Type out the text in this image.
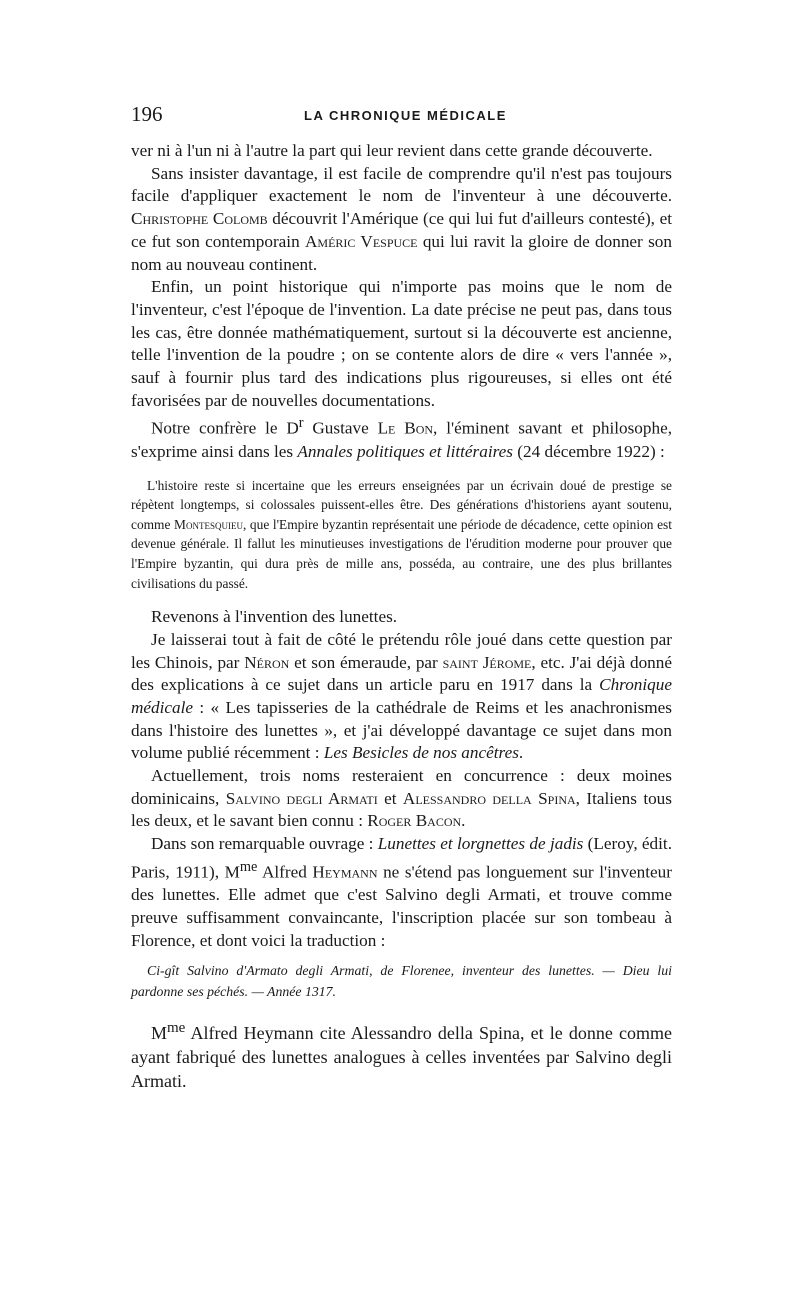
196	LA CHRONIQUE MÉDICALE

ver ni à l'un ni à l'autre la part qui leur revient dans cette grande découverte.

Sans insister davantage, il est facile de comprendre qu'il n'est pas toujours facile d'appliquer exactement le nom de l'inventeur à une découverte. Christophe Colomb découvrit l'Amérique (ce qui lui fut d'ailleurs contesté), et ce fut son contemporain Améric Vespuce qui lui ravit la gloire de donner son nom au nouveau continent.

Enfin, un point historique qui n'importe pas moins que le nom de l'inventeur, c'est l'époque de l'invention. La date précise ne peut pas, dans tous les cas, être donnée mathématiquement, surtout si la découverte est ancienne, telle l'invention de la poudre ; on se contente alors de dire « vers l'année », sauf à fournir plus tard des indications plus rigoureuses, si elles ont été favorisées par de nouvelles documentations.

Notre confrère le $D^r$ Gustave Le Bon, l'éminent savant et philosophe, s'exprime ainsi dans les Annales politiques et littéraires (24 décembre 1922) :

L'histoire reste si incertaine que les erreurs enseignées par un écrivain doué de prestige se répètent longtemps, si colossales puissent-elles être. Des générations d'historiens ayant soutenu, comme Montesquieu, que l'Empire byzantin représentait une période de décadence, cette opinion est devenue générale. Il fallut les minutieuses investigations de l'érudition moderne pour prouver que l'Empire byzantin, qui dura près de mille ans, posséda, au contraire, une des plus brillantes civilisations du passé.

Revenons à l'invention des lunettes.

Je laisserai tout à fait de côté le prétendu rôle joué dans cette question par les Chinois, par Néron et son émeraude, par saint Jérome, etc. J'ai déjà donné des explications à ce sujet dans un article paru en 1917 dans la Chronique médicale : « Les tapisseries de la cathédrale de Reims et les anachronismes dans l'histoire des lunettes », et j'ai développé davantage ce sujet dans mon volume publié récemment : Les Besicles de nos ancêtres.

Actuellement, trois noms resteraient en concurrence : deux moines dominicains, Salvino degli Armati et Alessandro della Spina, Italiens tous les deux, et le savant bien connu : Roger Bacon.

Dans son remarquable ouvrage : Lunettes et lorgnettes de jadis (Leroy, édit. Paris, 1911), $M^{me}$ Alfred Heymann ne s'étend pas longuement sur l'inventeur des lunettes. Elle admet que c'est Salvino degli Armati, et trouve comme preuve suffisamment convaincante, l'inscription placée sur son tombeau à Florence, et dont voici la traduction :

Ci-gît Salvino d'Armato degli Armati, de Florenee, inventeur des lunettes. — Dieu lui pardonne ses péchés. — Année 1317.

$M^{me}$ Alfred Heymann cite Alessandro della Spina, et le donne comme ayant fabriqué des lunettes analogues à celles inventées par Salvino degli Armati.
